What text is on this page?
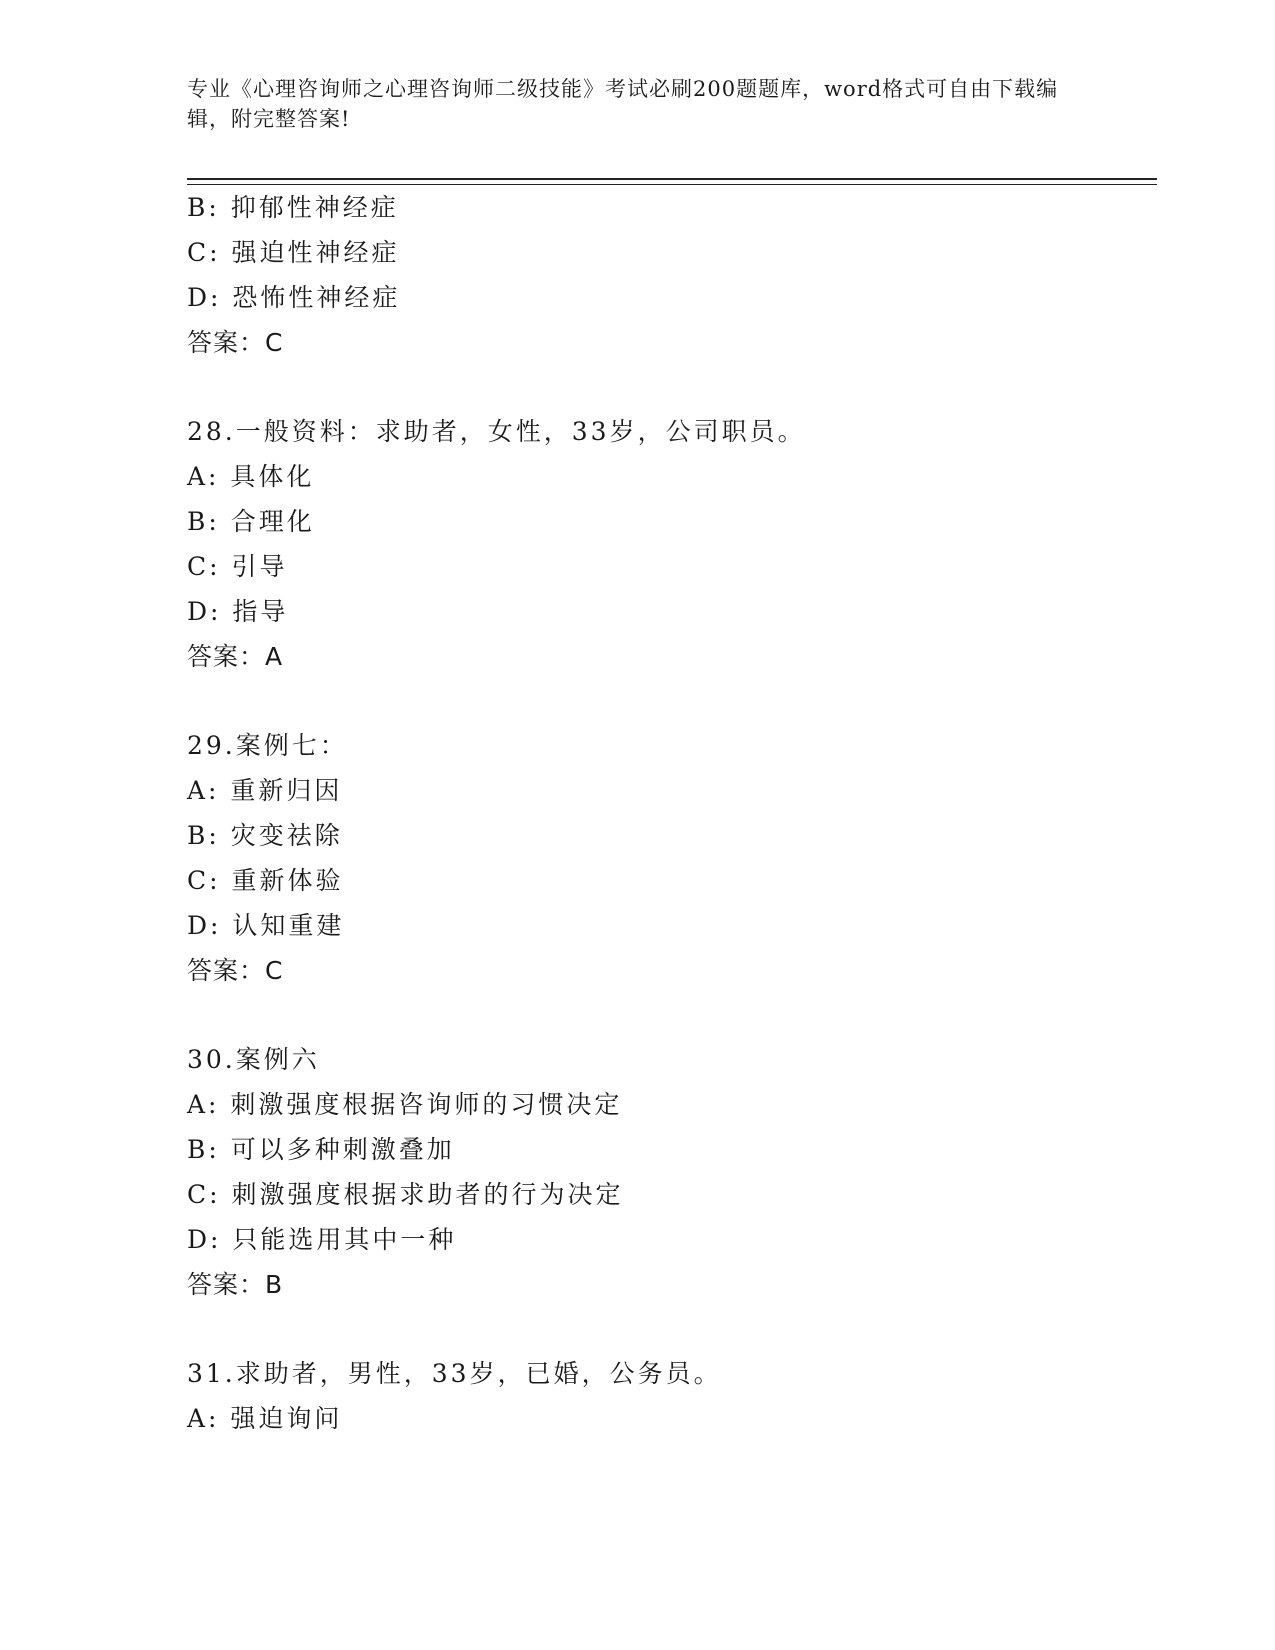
专业《心理咨询师之心理咨询师二级技能》考试必刷200题题库，word格式可自由下载编辑，附完整答案!
B: 抑郁性神经症
C: 强迫性神经症
D: 恐怖性神经症
答案：C
28.一般资料：求助者，女性，33岁，公司职员。
A: 具体化
B: 合理化
C: 引导
D: 指导
答案：A
29.案例七：
A: 重新归因
B: 灾变祛除
C: 重新体验
D: 认知重建
答案：C
30.案例六
A: 刺激强度根据咨询师的习惯决定
B: 可以多种刺激叠加
C: 刺激强度根据求助者的行为决定
D: 只能选用其中一种
答案：B
31.求助者，男性，33岁，已婚，公务员。
A: 强迫询问
